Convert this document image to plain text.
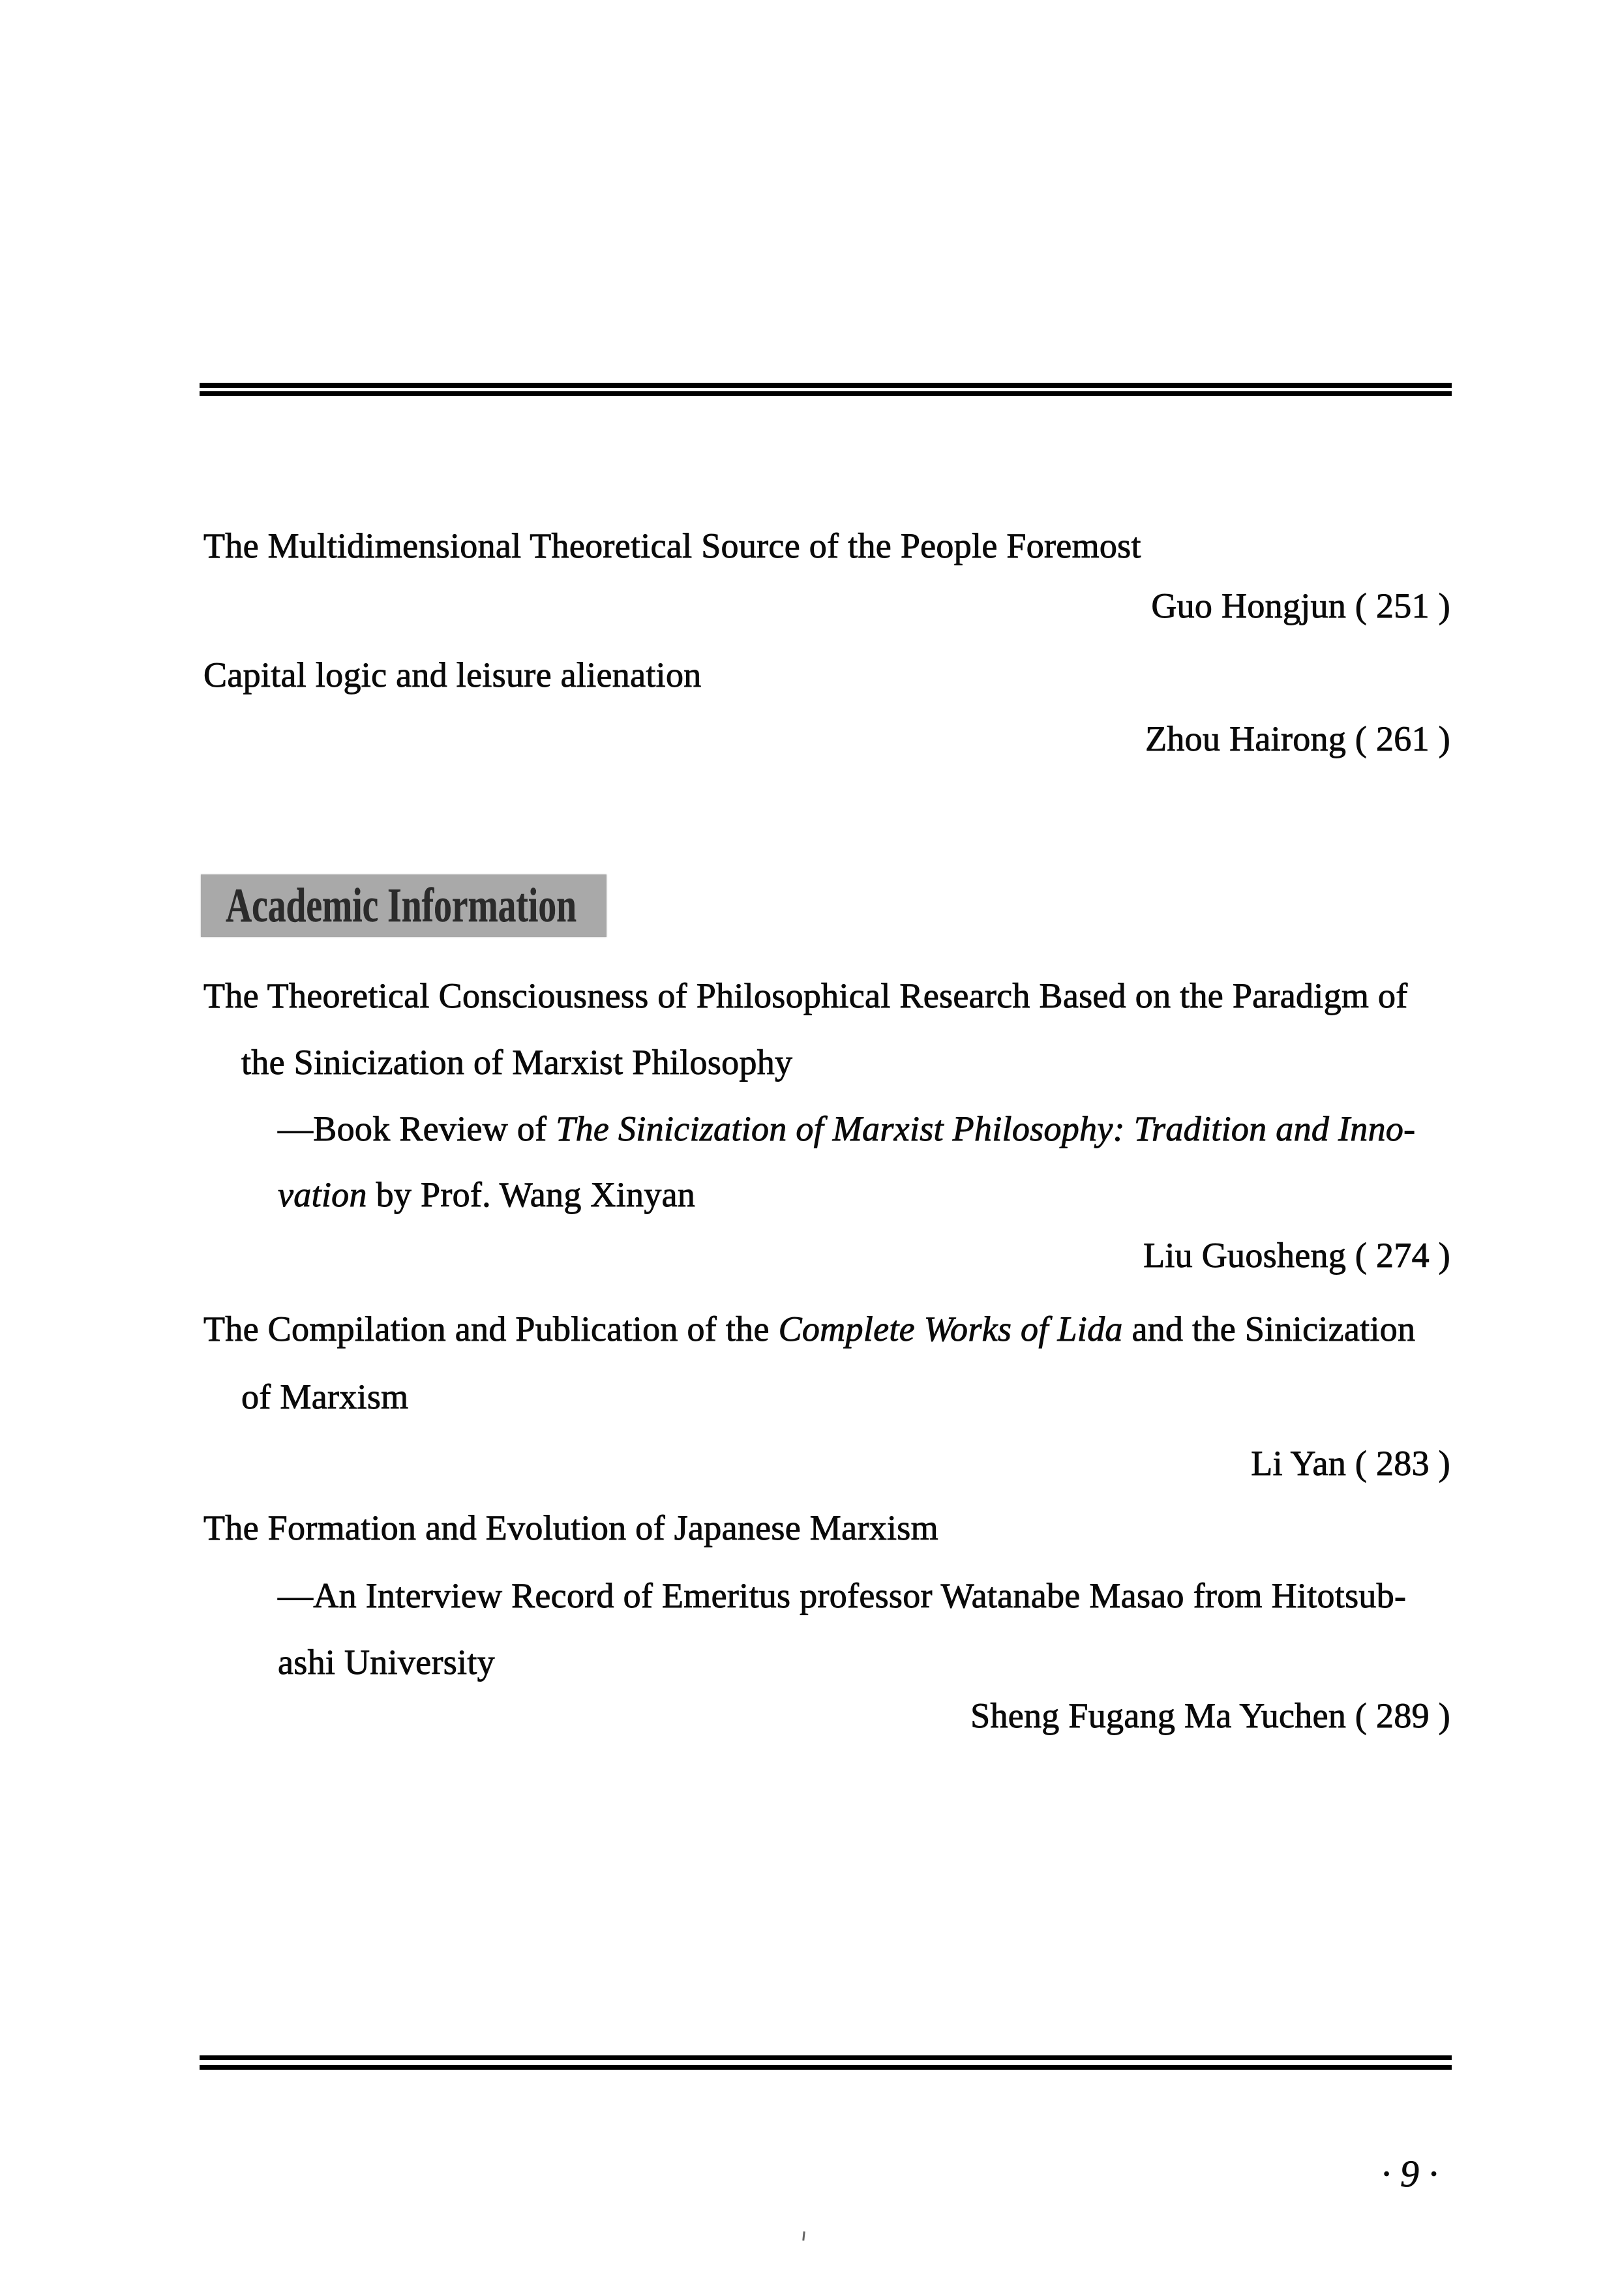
The Multidimensional Theoretical Source of the People Foremost
Guo Hongjun ( 251 )
Capital logic and leisure alienation
Zhou Hairong ( 261 )
Academic Information
The Theoretical Consciousness of Philosophical Research Based on the Paradigm of
the Sinicization of Marxist Philosophy
—Book Review of The Sinicization of Marxist Philosophy: Tradition and Inno-
vation by Prof. Wang Xinyan
Liu Guosheng ( 274 )
The Compilation and Publication of the Complete Works of Lida and the Sinicization
of Marxism
Li Yan ( 283 )
The Formation and Evolution of Japanese Marxism
—An Interview Record of Emeritus professor Watanabe Masao from Hitotsub-
ashi University
Sheng Fugang Ma Yuchen ( 289 )
· 9 ·
